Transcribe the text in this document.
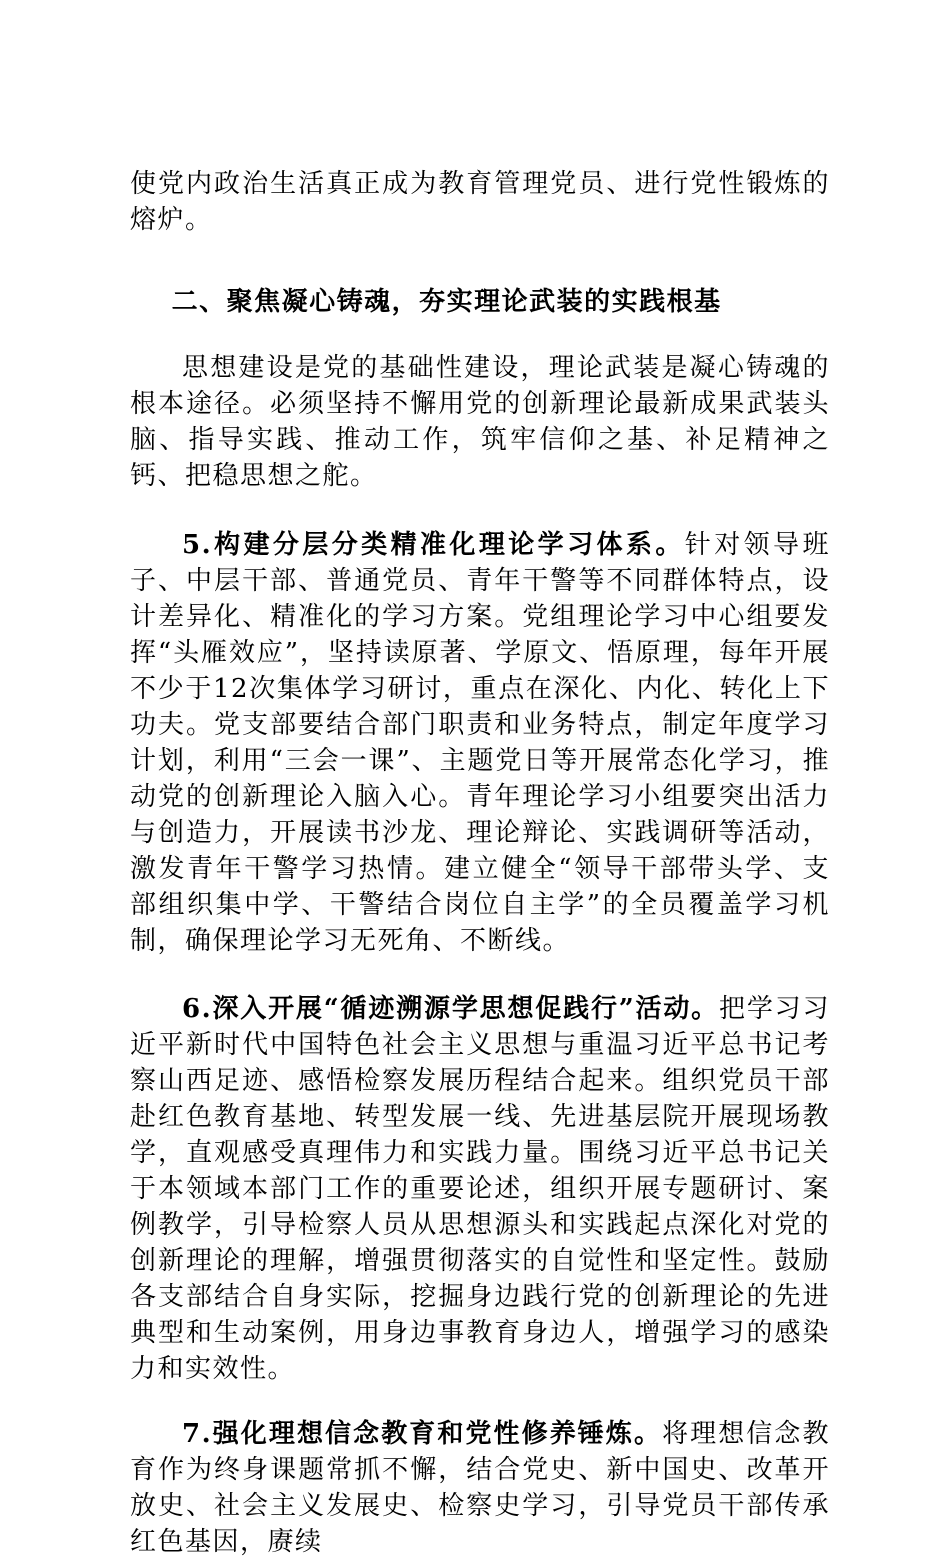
使党内政治生活真正成为教育管理党员、进行党性锻炼的熔炉。

二、聚焦凝心铸魂，夯实理论武装的实践根基

思想建设是党的基础性建设，理论武装是凝心铸魂的根本途径。必须坚持不懈用党的创新理论最新成果武装头脑、指导实践、推动工作，筑牢信仰之基、补足精神之钙、把稳思想之舵。

5.构建分层分类精准化理论学习体系。针对领导班子、中层干部、普通党员、青年干警等不同群体特点，设计差异化、精准化的学习方案。党组理论学习中心组要发挥“头雁效应”，坚持读原著、学原文、悟原理，每年开展不少于12次集体学习研讨，重点在深化、内化、转化上下功夫。党支部要结合部门职责和业务特点，制定年度学习计划，利用“三会一课”、主题党日等开展常态化学习，推动党的创新理论入脑入心。青年理论学习小组要突出活力与创造力，开展读书沙龙、理论辩论、实践调研等活动，激发青年干警学习热情。建立健全“领导干部带头学、支部组织集中学、干警结合岗位自主学”的全员覆盖学习机制，确保理论学习无死角、不断线。

6.深入开展“循迹溯源学思想促践行”活动。把学习习近平新时代中国特色社会主义思想与重温习近平总书记考察山西足迹、感悟检察发展历程结合起来。组织党员干部赴红色教育基地、转型发展一线、先进基层院开展现场教学，直观感受真理伟力和实践力量。围绕习近平总书记关于本领域本部门工作的重要论述，组织开展专题研讨、案例教学，引导检察人员从思想源头和实践起点深化对党的创新理论的理解，增强贯彻落实的自觉性和坚定性。鼓励各支部结合自身实际，挖掘身边践行党的创新理论的先进典型和生动案例，用身边事教育身边人，增强学习的感染力和实效性。

7.强化理想信念教育和党性修养锤炼。将理想信念教育作为终身课题常抓不懈，结合党史、新中国史、改革开放史、社会主义发展史、检察史学习，引导党员干部传承红色基因，赓续
